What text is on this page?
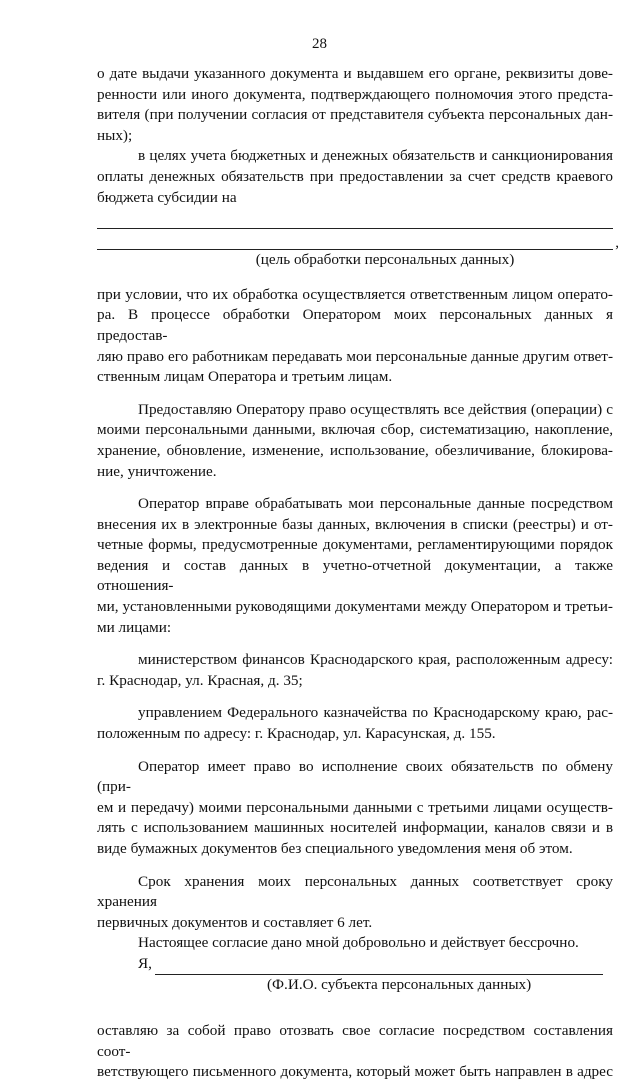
28

о дате выдачи указанного документа и выдавшем его органе, реквизиты дове-

ренности или иного документа, подтверждающего полномочия этого предста-

вителя (при получении согласия от представителя субъекта персональных дан-

ных);

в целях учета бюджетных и денежных обязательств и санкционирования

оплаты денежных обязательств при предоставлении за счет средств краевого

бюджета субсидии на

,

(цель обработки персональных данных)

при условии, что их обработка осуществляется ответственным лицом операто-

ра. В процессе обработки Оператором моих персональных данных я предостав-

ляю право его работникам передавать мои персональные данные другим ответ-

ственным лицам Оператора и третьим лицам.

Предоставляю Оператору право осуществлять все действия (операции) с

моими персональными данными, включая сбор, систематизацию, накопление,

хранение, обновление, изменение, использование, обезличивание, блокирова-

ние, уничтожение.

Оператор вправе обрабатывать мои персональные данные посредством

внесения их в электронные базы данных, включения в списки (реестры) и от-

четные формы, предусмотренные документами, регламентирующими порядок

ведения и состав данных в учетно-отчетной документации, а также отношения-

ми, установленными руководящими документами между Оператором и третьи-

ми лицами:

министерством финансов Краснодарского края, расположенным адресу:

г. Краснодар, ул. Красная, д. 35;

управлением Федерального казначейства по Краснодарскому краю, рас-

положенным по адресу: г. Краснодар, ул. Карасунская, д. 155.

Оператор имеет право во исполнение своих обязательств по обмену (при-

ем и передачу) моими персональными данными с третьими лицами осуществ-

лять с использованием машинных носителей информации, каналов связи и в

виде бумажных документов без специального уведомления меня об этом.

Срок хранения моих персональных данных соответствует сроку хранения

первичных документов и составляет 6 лет.

Настоящее согласие дано мной добровольно и действует бессрочно.

Я,

(Ф.И.О. субъекта персональных данных)

оставляю за собой право отозвать свое согласие посредством составления соот-

ветствующего письменного документа, который может быть направлен в адрес
